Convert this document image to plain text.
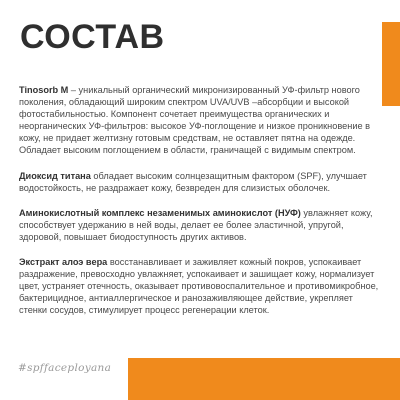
СОСТАВ

Tinosorb M – уникальный органический микронизированный УФ-фильтр нового поколения, обладающий широким спектром UVA/UVB –абсорбции и высокой фотостабильностью. Компонент сочетает преимущества органических и неорганических УФ-фильтров: высокое УФ-поглощение и низкое проникновение в кожу, не придает желтизну готовым средствам, не оставляет пятна на одежде. Обладает высоким поглощением в области, граничащей с видимым спектром.

Диоксид титана обладает высоким солнцезащитным фактором (SPF), улучшает водостойкость, не раздражает кожу, безвреден для слизистых оболочек.

Аминокислотный комплекс незаменимых аминокислот (НУФ) увлажняет кожу, способствует удержанию в ней воды, делает ее более эластичной, упругой, здоровой, повышает биодоступность других активов.

Экстракт алоэ вера восстанавливает и заживляет кожный покров, успокаивает раздражение, превосходно увлажняет, успокаивает и зашищает кожу, нормализует цвет, устраняет отечность, оказывает противовоспалительное и противомикробное, бактерицидное, антиаллергическое и ранозаживляющее действие, укрепляет стенки сосудов, стимулирует процесс регенерации клеток.

#spffaceployana
